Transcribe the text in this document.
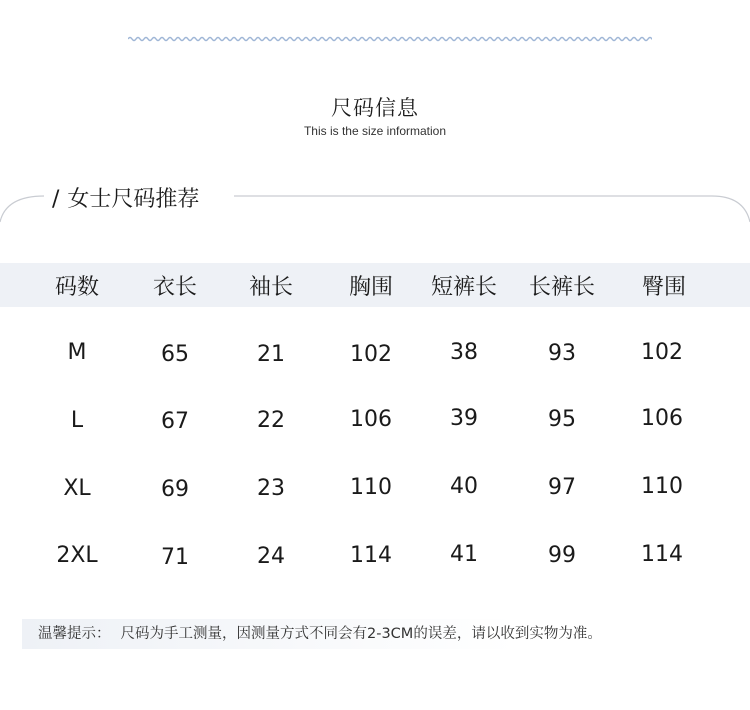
尺码信息
This is the size information
/ 女士尺码推荐
码数	衣长	袖长	胸围	短裤长	长裤长	臀围
M	65	21	102	38	93	102
L	67	22	106	39	95	106
XL	69	23	110	40	97	110
2XL	71	24	114	41	99	114
温馨提示： 尺码为手工测量，因测量方式不同会有2-3CM的误差，请以收到实物为准。
